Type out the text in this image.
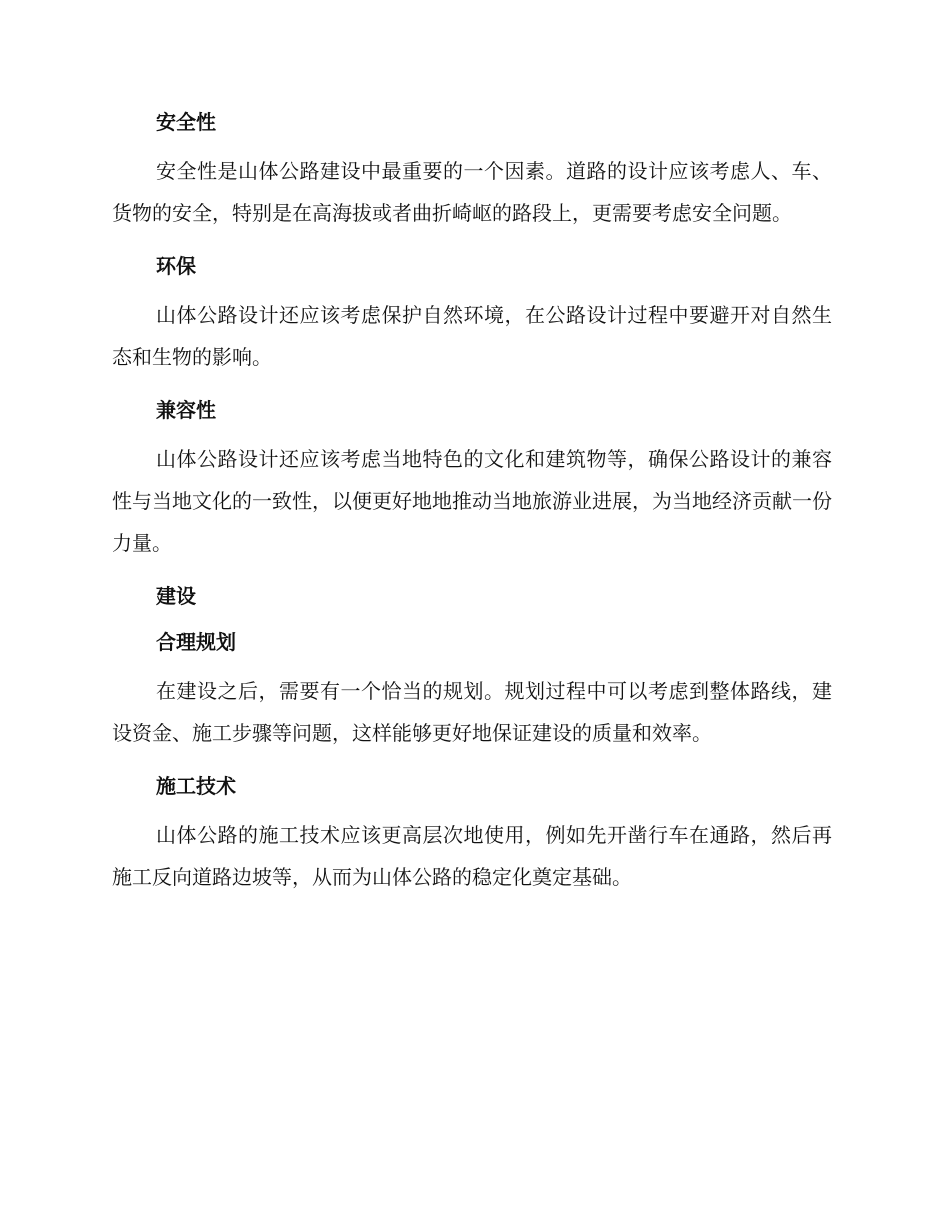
安全性

安全性是山体公路建设中最重要的一个因素。道路的设计应该考虑人、车、货物的安全，特别是在高海拔或者曲折崎岖的路段上，更需要考虑安全问题。

环保

山体公路设计还应该考虑保护自然环境，在公路设计过程中要避开对自然生态和生物的影响。

兼容性

山体公路设计还应该考虑当地特色的文化和建筑物等，确保公路设计的兼容性与当地文化的一致性，以便更好地地推动当地旅游业进展，为当地经济贡献一份力量。

建设
合理规划

在建设之后，需要有一个恰当的规划。规划过程中可以考虑到整体路线，建设资金、施工步骤等问题，这样能够更好地保证建设的质量和效率。

施工技术

山体公路的施工技术应该更高层次地使用，例如先开凿行车在通路，然后再施工反向道路边坡等，从而为山体公路的稳定化奠定基础。
